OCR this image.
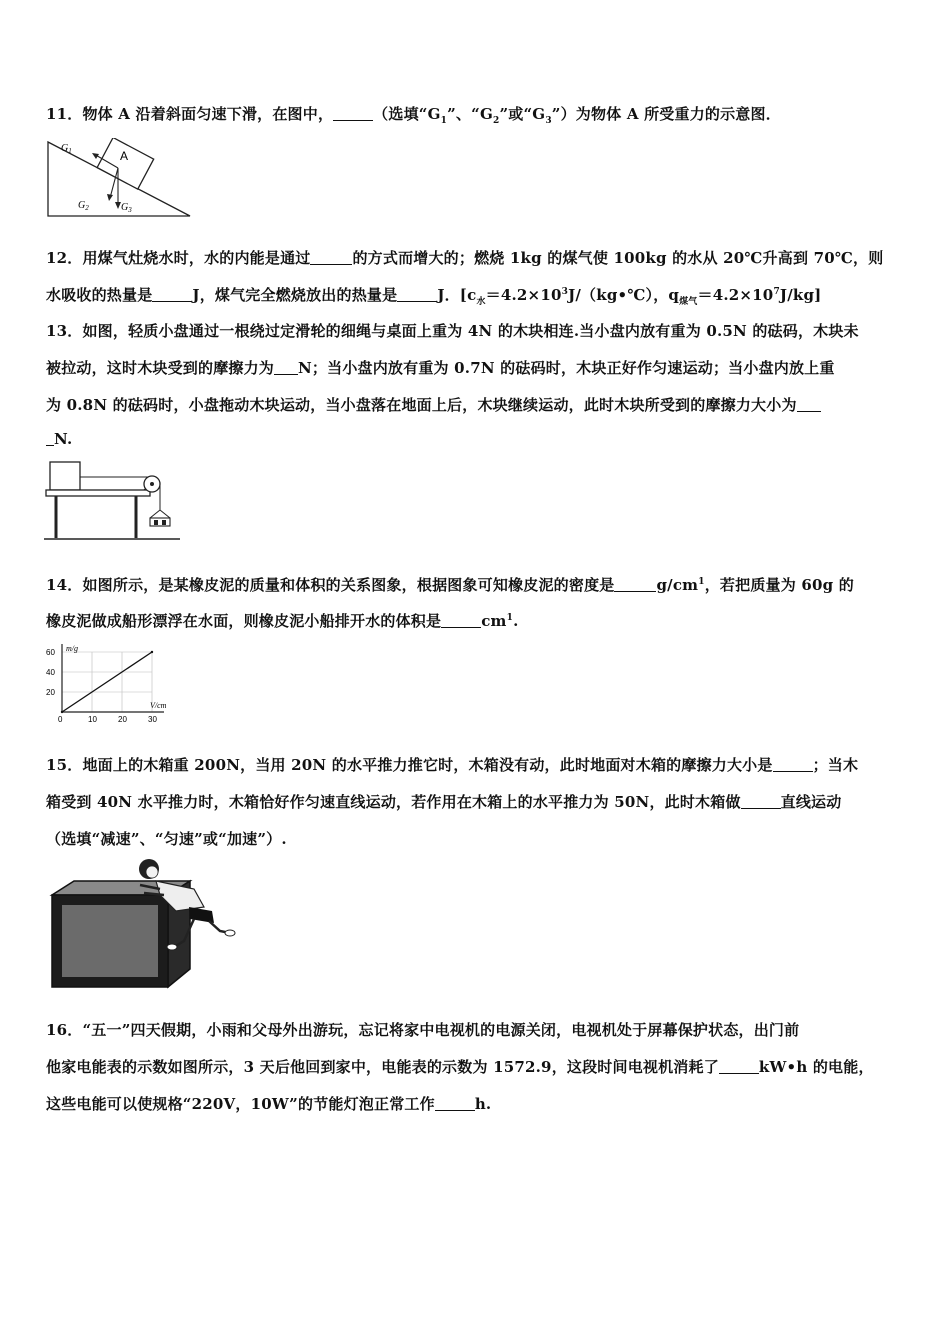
11．物体 A 沿着斜面匀速下滑，在图中，	（选填“$G_1$”、“$G_2$”或“$G_3$”）为物体 A 所受重力的示意图．
A
$G_1$
$G_2$	$G_3$
12．用煤气灶烧水时，水的内能是通过	的方式而增大的；燃烧 1kg 的煤气使 100kg 的水从 20℃升高到 70℃，则
水吸收的热量是	J，煤气完全燃烧放出的热量是	J．[$c_水=4.2\times 10^3J/(kg•℃)$，$q_{煤气}=4.2\times 10^7J/kg$]
13．如图，轻质小盘通过一根绕过定滑轮的细绳与桌面上重为 4N 的木块相连.当小盘内放有重为 0.5N 的砝码，木块未
被拉动，这时木块受到的摩擦力为 N；当小盘内放有重为 0.7N 的砝码时，木块正好作匀速运动；当小盘内放上重
为 0.8N 的砝码时，小盘拖动木块运动，当小盘落在地面上后，木块继续运动，此时木块所受到的摩擦力大小为
N.
14．如图所示，是某橡皮泥的质量和体积的关系图象，根据图象可知橡皮泥的密度是	$g/cm^1$，若把质量为 60g 的
橡皮泥做成船形漂浮在水面，则橡皮泥小船排开水的体积是	$cm^1$.
0	10	20	30
20
40
60 m/g
V/cm
15．地面上的木箱重 200N，当用 20N 的水平推力推它时，木箱没有动，此时地面对木箱的摩擦力大小是	；当木
箱受到 40N 水平推力时，木箱恰好作匀速直线运动，若作用在木箱上的水平推力为 50N，此时木箱做	直线运动
（选填“减速”、“匀速”或“加速”）.
16．“五一”四天假期，小雨和父母外出游玩，忘记将家中电视机的电源关闭，电视机处于屏幕保护状态，出门前
他家电能表的示数如图所示，3 天后他回到家中，电能表的示数为 1572.9，这段时间电视机消耗了	kW•h 的电能，
这些电能可以使规格“220V，10W”的节能灯泡正常工作	h.
